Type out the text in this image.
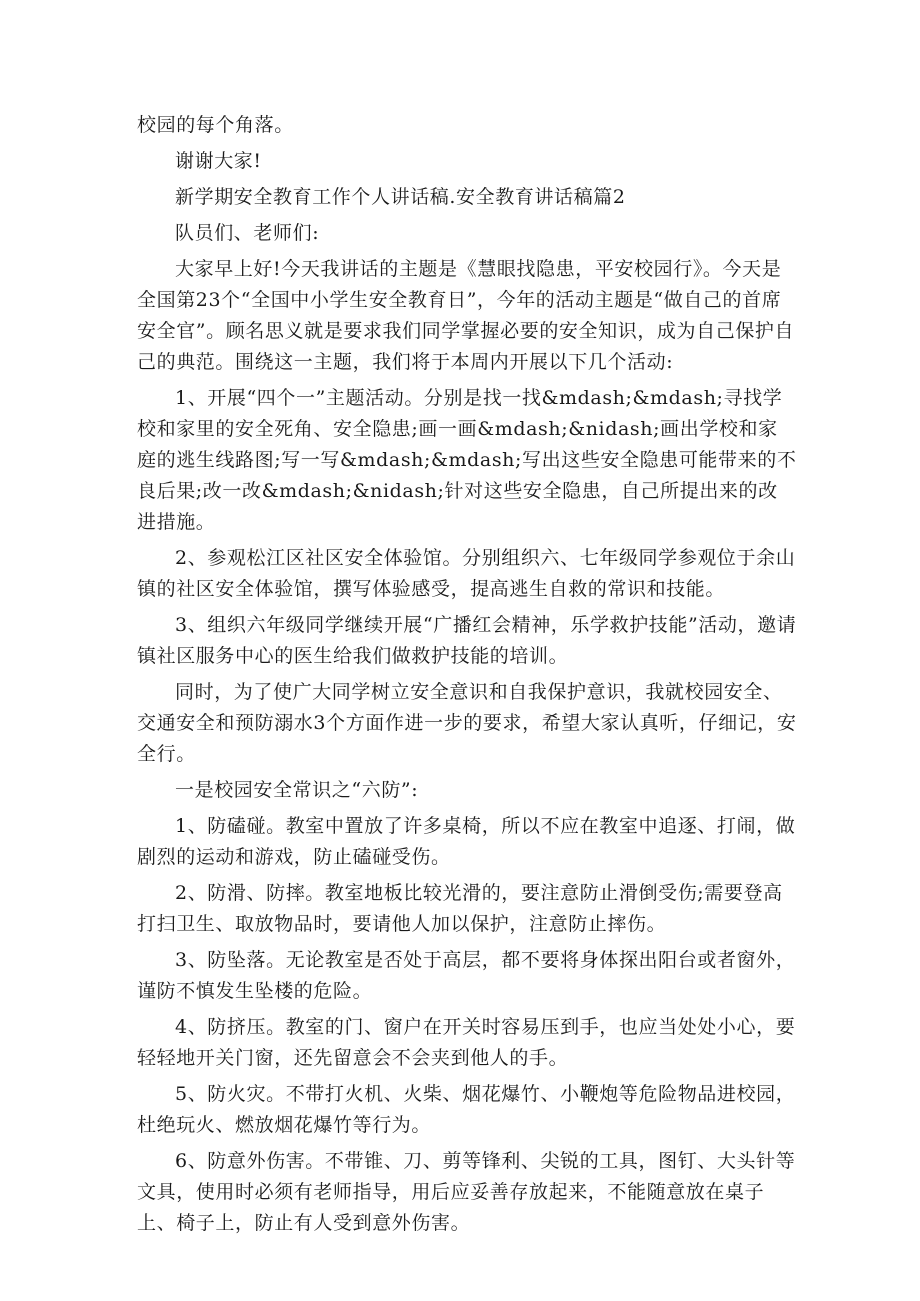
校园的每个角落。

谢谢大家!

新学期安全教育工作个人讲话稿.安全教育讲话稿篇2

队员们、老师们:

大家早上好!今天我讲话的主题是《慧眼找隐患，平安校园行》。今天是全国第23个“全国中小学生安全教育日”，今年的活动主题是“做自己的首席安全官”。顾名思义就是要求我们同学掌握必要的安全知识，成为自己保护自己的典范。围绕这一主题，我们将于本周内开展以下几个活动:

1、开展“四个一”主题活动。分别是找一找&mdash;&mdash;寻找学校和家里的安全死角、安全隐患;画一画&mdash;&nidash;画出学校和家庭的逃生线路图;写一写&mdash;&mdash;写出这些安全隐患可能带来的不良后果;改一改&mdash;&nidash;针对这些安全隐患，自己所提出来的改进措施。

2、参观松江区社区安全体验馆。分别组织六、七年级同学参观位于余山镇的社区安全体验馆，撰写体验感受，提高逃生自救的常识和技能。

3、组织六年级同学继续开展“广播红会精神，乐学救护技能”活动，邀请镇社区服务中心的医生给我们做救护技能的培训。

同时，为了使广大同学树立安全意识和自我保护意识，我就校园安全、交通安全和预防溺水3个方面作进一步的要求，希望大家认真听，仔细记，安全行。

一是校园安全常识之“六防”:

1、防磕碰。教室中置放了许多桌椅，所以不应在教室中追逐、打闹，做剧烈的运动和游戏，防止磕碰受伤。

2、防滑、防摔。教室地板比较光滑的，要注意防止滑倒受伤;需要登高打扫卫生、取放物品时，要请他人加以保护，注意防止摔伤。

3、防坠落。无论教室是否处于高层，都不要将身体探出阳台或者窗外，谨防不慎发生坠楼的危险。

4、防挤压。教室的门、窗户在开关时容易压到手，也应当处处小心，要轻轻地开关门窗，还先留意会不会夹到他人的手。

5、防火灾。不带打火机、火柴、烟花爆竹、小鞭炮等危险物品进校园，杜绝玩火、燃放烟花爆竹等行为。

6、防意外伤害。不带锥、刀、剪等锋利、尖锐的工具，图钉、大头针等文具，使用时必须有老师指导，用后应妥善存放起来，不能随意放在桌子上、椅子上，防止有人受到意外伤害。
